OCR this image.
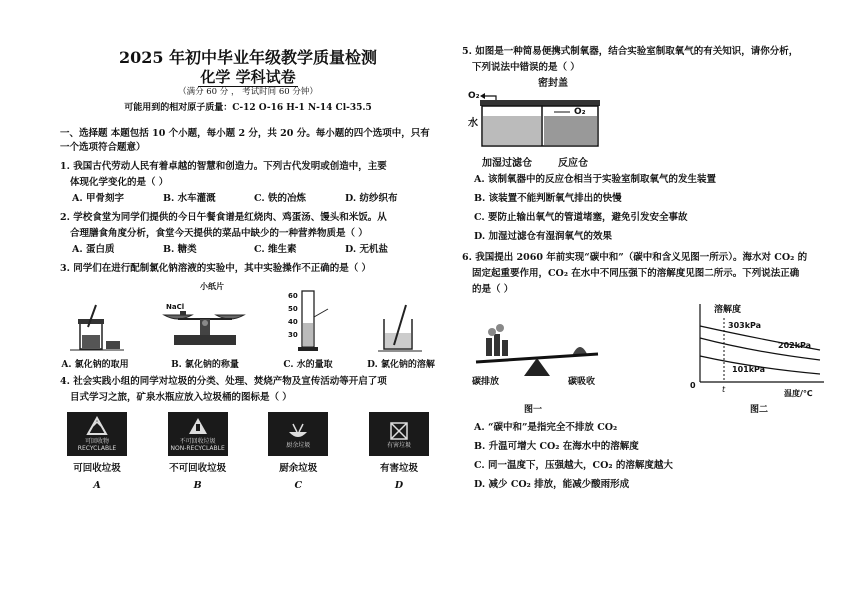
2025 年初中毕业年级教学质量检测
化学 学科试卷
（满分 60 分 ， 考试时间 60 分钟）
可能用到的相对原子质量：C-12 O-16 H-1 N-14 Cl-35.5
一、选择题 本题包括 10 个小题，每小题 2 分，共 20 分。每小题的四个选项中，只有一个选项符合题意）
1. 我国古代劳动人民有着卓越的智慧和创造力。下列古代发明或创造中，主要
体现化学变化的是（ ）
A. 甲骨刻字	B. 水车灌溉	C. 铁的冶炼	D. 纺纱织布
2. 学校食堂为同学们提供的今日午餐食谱是红烧肉、鸡蛋汤、馒头和米饭。从
合理膳食角度分析，食堂今天提供的菜品中缺少的一种营养物质是（ ）
A. 蛋白质	B. 糖类	C. 维生素	D. 无机盐
3. 同学们在进行配制氯化钠溶液的实验中，其中实验操作不正确的是（ ）
A. 氯化钠的取用
小纸片
NaCl
B. 氯化钠的称量
60
50
40
30
C. 水的量取	D. 氯化钠的溶解
4. 社会实践小组的同学对垃圾的分类、处理、焚烧产物及宣传活动等开启了项
目式学习之旅，矿泉水瓶应放入垃圾桶的图标是（ ）
可回收物
RECYCLABLE
可回收垃圾
A
不可回收垃圾
NON-RECYCLABLE
不可回收垃圾
B
厨余垃圾
厨余垃圾
C
有害垃圾
有害垃圾
D
5. 如图是一种简易便携式制氧器，结合实验室制取氧气的有关知识，请你分析，
下列说法中错误的是（ ）
密封盖
O₂
O₂
水
加湿过滤仓	反应仓
A. 该制氧器中的反应仓相当于实验室制取氧气的发生装置
B. 该装置不能判断氧气排出的快慢
C. 要防止输出氧气的管道堵塞，避免引发安全事故
D. 加湿过滤仓有湿润氧气的效果
6. 我国提出 2060 年前实现“碳中和”（碳中和含义见图一所示）。海水对 CO₂ 的
固定起重要作用，CO₂ 在水中不同压强下的溶解度见图二所示。下列说法正确
的是（ ）
碳排放	碳吸收
图一
溶解度
303kPa
202kPa
101kPa
0	t	温度/℃
图二
A. “碳中和”是指完全不排放 CO₂
B. 升温可增大 CO₂ 在海水中的溶解度
C. 同一温度下，压强越大，CO₂ 的溶解度越大
D. 减少 CO₂ 排放，能减少酸雨形成
